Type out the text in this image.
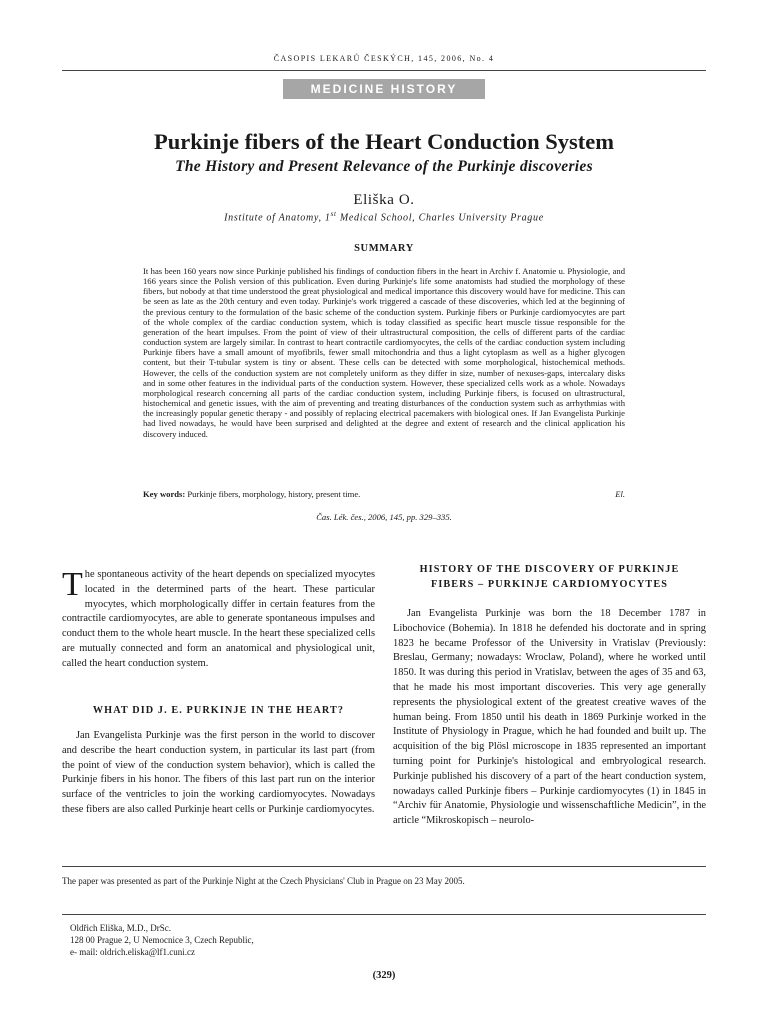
ČASOPIS LEKARŮ ČESKÝCH, 145, 2006, No. 4
MEDICINE HISTORY
Purkinje fibers of the Heart Conduction System
The History and Present Relevance of the Purkinje discoveries
Eliška O.
Institute of Anatomy, 1st Medical School, Charles University Prague
SUMMARY

It has been 160 years now since Purkinje published his findings of conduction fibers in the heart in Archiv f. Anatomie u. Physiologie, and 166 years since the Polish version of this publication. Even during Purkinje's life some anatomists had studied the morphology of these fibers, but nobody at that time understood the great physiological and medical importance this discovery would have for medicine. This can be seen as late as the 20th century and even today. Purkinje's work triggered a cascade of these discoveries, which led at the beginning of the previous century to the formulation of the basic scheme of the conduction system. Purkinje fibers or Purkinje cardiomyocytes are part of the whole complex of the cardiac conduction system, which is today classified as specific heart muscle tissue responsible for the generation of the heart impulses. From the point of view of their ultrastructural composition, the cells of different parts of the cardiac conduction system are largely similar. In contrast to heart contractile cardiomyocytes, the cells of the cardiac conduction system including Purkinje fibers have a small amount of myofibrils, fewer small mitochondria and thus a light cytoplasm as well as a higher glycogen content, but their T-tubular system is tiny or absent. These cells can be detected with some morphological, histochemical methods. However, the cells of the conduction system are not completely uniform as they differ in size, number of nexuses-gaps, intercalary disks and in some other features in the individual parts of the conduction system. However, these specialized cells work as a whole. Nowadays morphological research concerning all parts of the cardiac conduction system, including Purkinje fibers, is focused on ultrastructural, histochemical and genetic issues, with the aim of preventing and treating disturbances of the conduction system such as arrhythmias with the increasingly popular genetic therapy - and possibly of replacing electrical pacemakers with biological ones. If Jan Evangelista Purkinje had lived nowadays, he would have been surprised and delighted at the degree and extent of research and the clinical application his discovery induced.

Key words: Purkinje fibers, morphology, history, present time.	El.
Čas. Lék. čes., 2006, 145, pp. 329–335.
The spontaneous activity of the heart depends on specialized myocytes located in the determined parts of the heart. These particular myocytes, which morphologically differ in certain features from the contractile cardiomyocytes, are able to generate spontaneous impulses and conduct them to the whole heart muscle. In the heart these specialized cells are mutually connected and form an anatomical and physiological unit, called the heart conduction system.
WHAT DID J. E. PURKINJE IN THE HEART?
Jan Evangelista Purkinje was the first person in the world to discover and describe the heart conduction system, in particular its last part (from the point of view of the conduction system behavior), which is called the Purkinje fibers in his honor. The fibers of this last part run on the interior surface of the ventricles to join the working cardiomyocytes. Nowadays these fibers are also called Purkinje heart cells or Purkinje cardiomyocytes.
HISTORY OF THE DISCOVERY OF PURKINJE
FIBERS – PURKINJE CARDIOMYOCYTES
Jan Evangelista Purkinje was born the 18 December 1787 in Libochovice (Bohemia). In 1818 he defended his doctorate and in spring 1823 he became Professor of the University in Vratislav (Previously: Breslau, Germany; nowadays: Wroclaw, Poland), where he worked until 1850. It was during this period in Vratislav, between the ages of 35 and 63, that he made his most important discoveries. This very age generally represents the physiological extent of the greatest creative waves of the human being. From 1850 until his death in 1869 Purkinje worked in the Institute of Physiology in Prague, which he had founded and built up. The acquisition of the big Plösl microscope in 1835 represented an important turning point for Purkinje's histological and embryological research. Purkinje published his discovery of a part of the heart conduction system, nowadays called Purkinje fibers – Purkinje cardiomyocytes (1) in 1845 in “Archiv für Anatomie, Physiologie und wissenschaftliche Medicin”, in the article “Mikroskopisch – neurolo-
The paper was presented as part of the Purkinje Night at the Czech Physicians' Club in Prague on 23 May 2005.
Oldřich Eliška, M.D., DrSc.
128 00 Prague 2, U Nemocnice 3, Czech Republic,
e- mail: oldrich.eliska@lf1.cuni.cz
(329)
